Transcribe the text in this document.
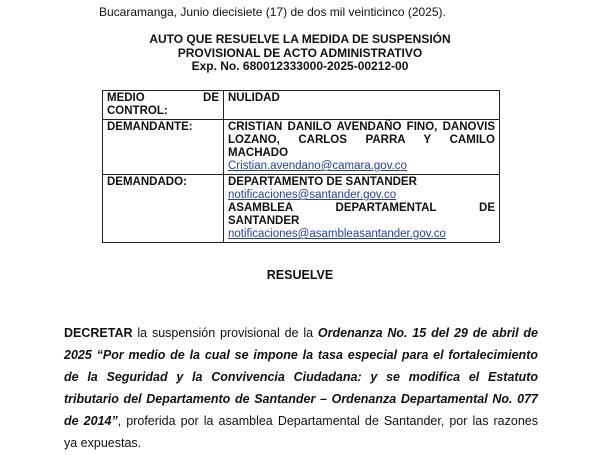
Bucaramanga, Junio diecisiete (17) de dos mil veinticinco (2025).
AUTO QUE RESUELVE LA MEDIDA DE SUSPENSIÓN
PROVISIONAL DE ACTO ADMINISTRATIVO
Exp. No. 680012333000-2025-00212-00
MEDIO DE
CONTROL:	NULIDAD

DEMANDANTE:	CRISTIAN DANILO AVENDAÑO FINO, DANOVIS
LOZANO, CARLOS PARRA Y CAMILO
MACHADO
Cristian.avendano@camara.gov.co

DEMANDADO:	DEPARTAMENTO DE SANTANDER
notificaciones@santander.gov.co
ASAMBLEA DEPARTAMENTAL DE
SANTANDER
notificaciones@asambleasantander.gov.co
RESUELVE
DECRETAR la suspensión provisional de la Ordenanza No. 15 del 29 de abril de
2025 “Por medio de la cual se impone la tasa especial para el fortalecimiento
de la Seguridad y la Convivencia Ciudadana: y se modifica el Estatuto
tributario del Departamento de Santander – Ordenanza Departamental No. 077
de 2014”, proferida por la asamblea Departamental de Santander, por las razones
ya expuestas.
